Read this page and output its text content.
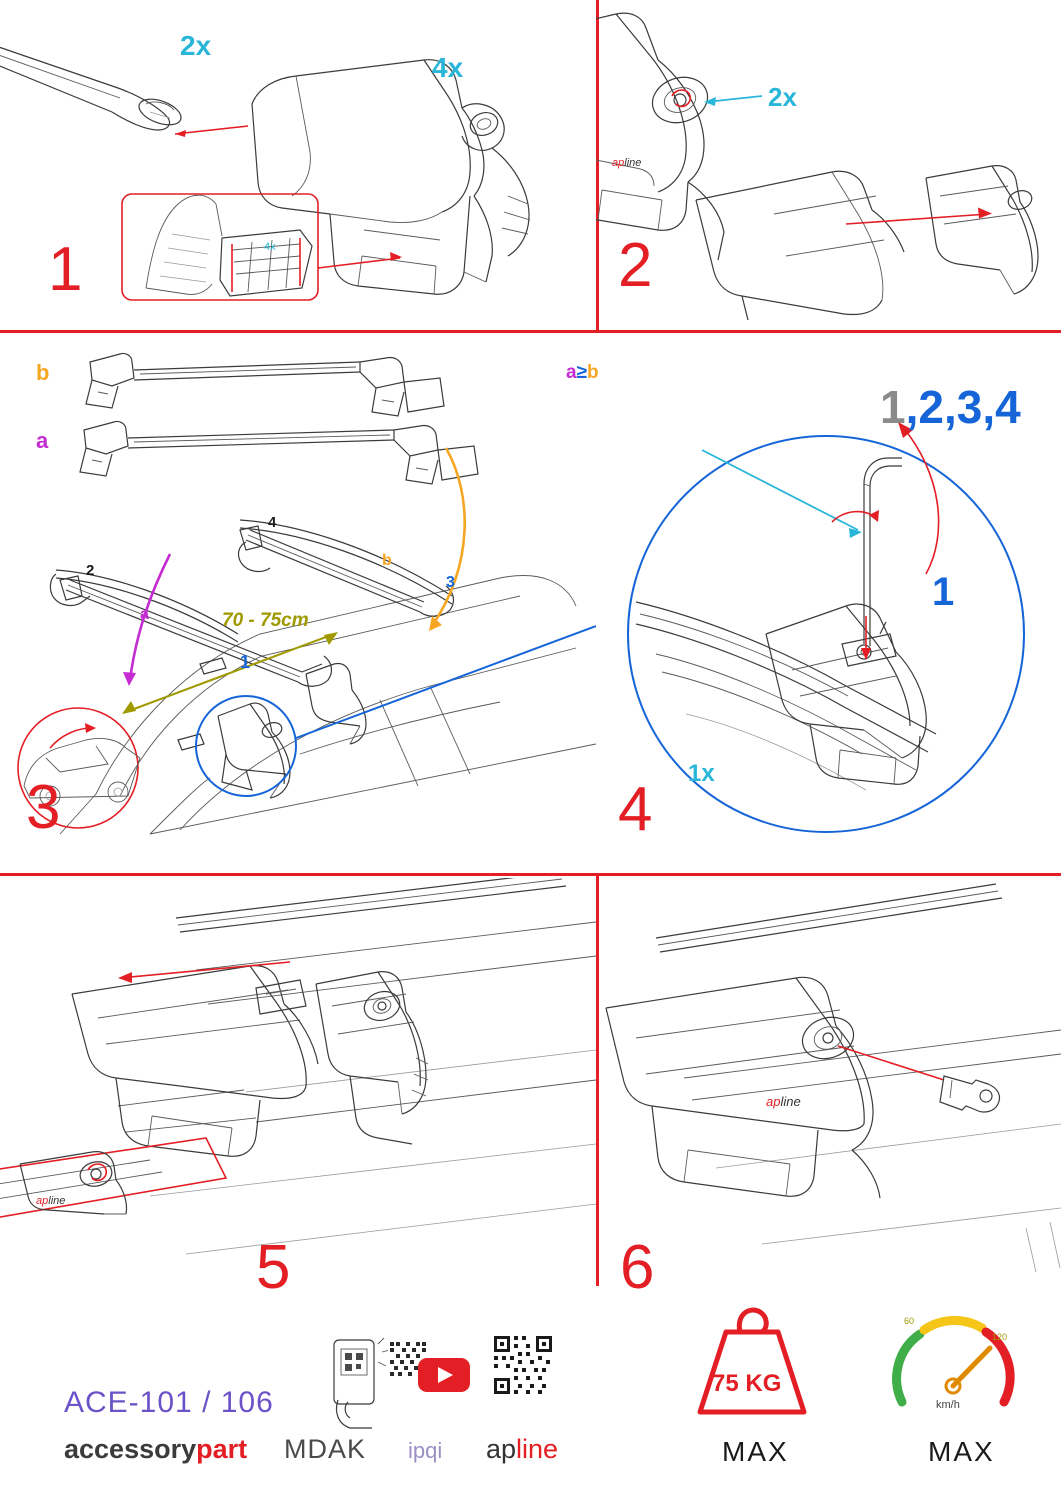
4x
2x
4x
1
apline
2x
2
b
a
a
b
70 - 75cm
2
4
3
1
3	1x
1,2,3,4
1
4
apline
5
apline
6
ACE-101 / 106
accessorypart MDAK ipqi apline
75 KG
MAX
60
120
km/h
MAX
a≥b
